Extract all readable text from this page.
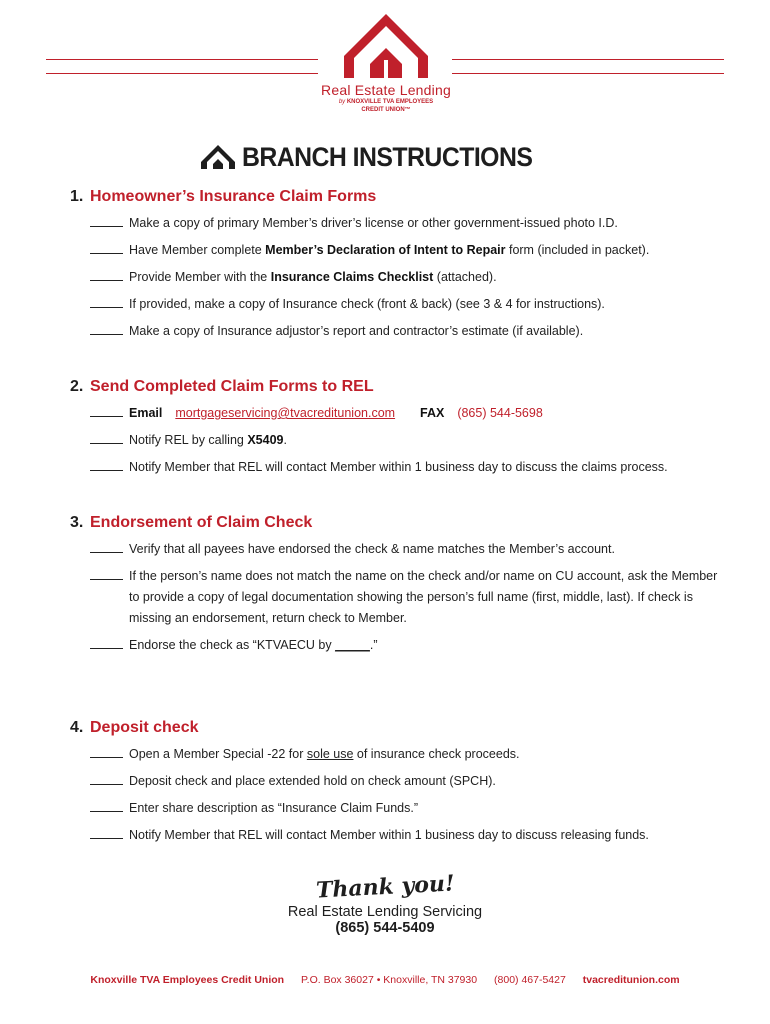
Real Estate Lending
by KNOXVILLE TVA EMPLOYEES
CREDIT UNION™
BRANCH INSTRUCTIONS
1. Homeowner’s Insurance Claim Forms
Make a copy of primary Member’s driver’s license or other government-issued photo I.D.
Have Member complete Member’s Declaration of Intent to Repair form (included in packet).
Provide Member with the Insurance Claims Checklist (attached).
If provided, make a copy of Insurance check (front & back) (see 3 & 4 for instructions).
Make a copy of Insurance adjustor’s report and contractor’s estimate (if available).
2. Send Completed Claim Forms to REL
Email mortgageservicing@tvacreditunion.com FAX (865) 544-5698
Notify REL by calling X5409.
Notify Member that REL will contact Member within 1 business day to discuss the claims process.
3. Endorsement of Claim Check
Verify that all payees have endorsed the check & name matches the Member’s account.
If the person’s name does not match the name on the check and/or name on CU account, ask the Member to provide a copy of legal documentation showing the person’s full name (first, middle, last). If check is missing an endorsement, return check to Member.
Endorse the check as “KTVAECU by _____.”
4. Deposit check
Open a Member Special -22 for sole use of insurance check proceeds.
Deposit check and place extended hold on check amount (SPCH).
Enter share description as “Insurance Claim Funds.”
Notify Member that REL will contact Member within 1 business day to discuss releasing funds.
Thank you!
Real Estate Lending Servicing
(865) 544-5409
Knoxville TVA Employees Credit Union P.O. Box 36027 • Knoxville, TN 37930 (800) 467-5427 tvacreditunion.com
